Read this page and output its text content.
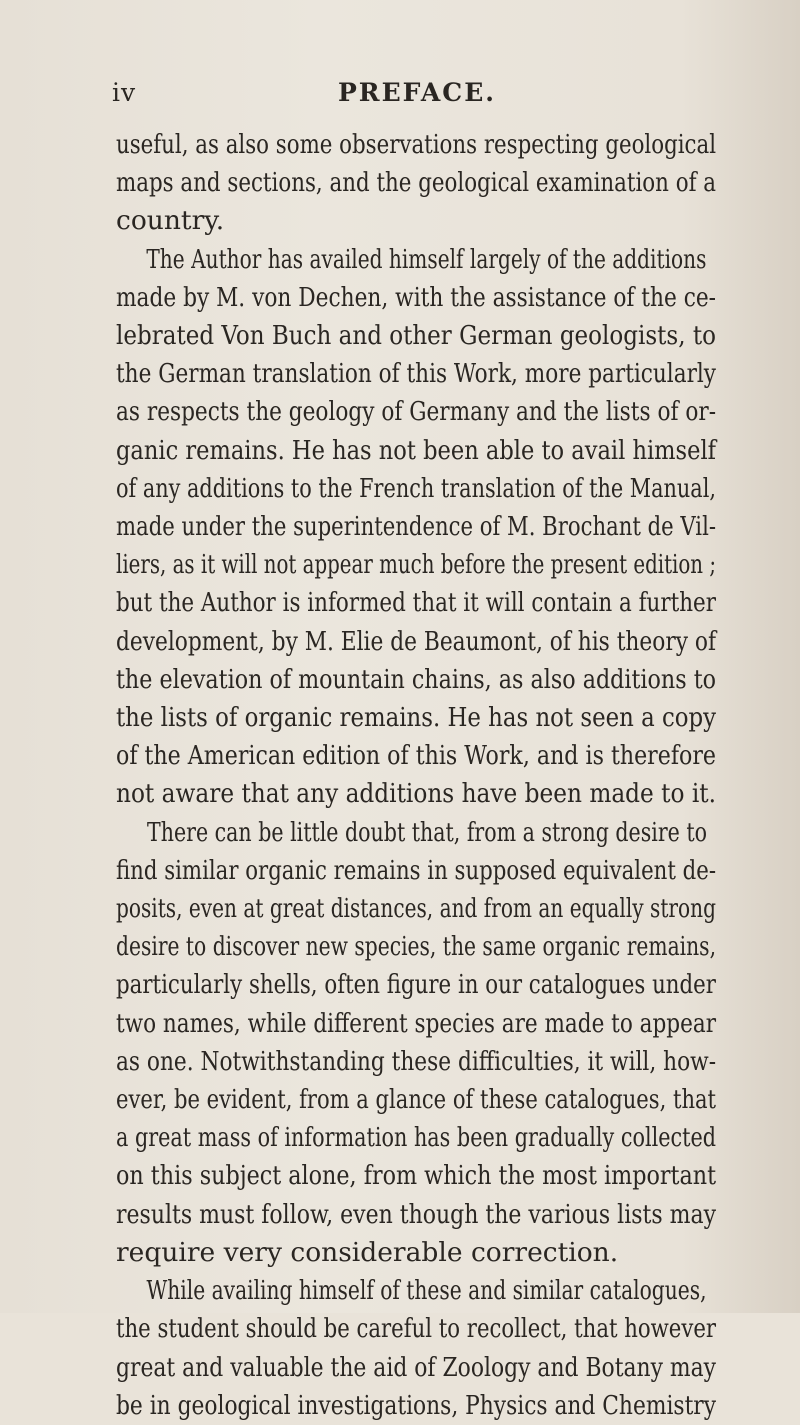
iv	PREFACE.
useful, as also some observations respecting geological
maps and sections, and the geological examination of a
country.
The Author has availed himself largely of the additions
made by M. von Dechen, with the assistance of the ce-
lebrated Von Buch and other German geologists, to
the German translation of this Work, more particularly
as respects the geology of Germany and the lists of or-
ganic remains. He has not been able to avail himself
of any additions to the French translation of the Manual,
made under the superintendence of M. Brochant de Vil-
liers, as it will not appear much before the present edition ;
but the Author is informed that it will contain a further
development, by M. Elie de Beaumont, of his theory of
the elevation of mountain chains, as also additions to
the lists of organic remains. He has not seen a copy
of the American edition of this Work, and is therefore
not aware that any additions have been made to it.
There can be little doubt that, from a strong desire to
find similar organic remains in supposed equivalent de-
posits, even at great distances, and from an equally strong
desire to discover new species, the same organic remains,
particularly shells, often figure in our catalogues under
two names, while different species are made to appear
as one. Notwithstanding these difficulties, it will, how-
ever, be evident, from a glance of these catalogues, that
a great mass of information has been gradually collected
on this subject alone, from which the most important
results must follow, even though the various lists may
require very considerable correction.
While availing himself of these and similar catalogues,
the student should be careful to recollect, that however
great and valuable the aid of Zoology and Botany may
be in geological investigations, Physics and Chemistry
